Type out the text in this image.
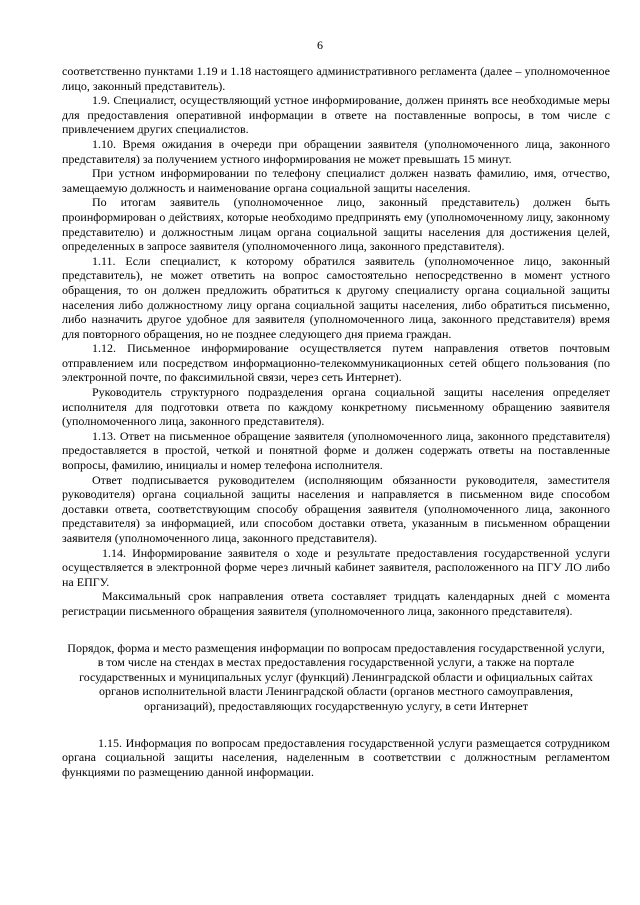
6

соответственно пунктами 1.19 и 1.18 настоящего административного регламента (далее – уполномоченное лицо, законный представитель).

1.9. Специалист, осуществляющий устное информирование, должен принять все необходимые меры для предоставления оперативной информации в ответе на поставленные вопросы, в том числе с привлечением других специалистов.

1.10. Время ожидания в очереди при обращении заявителя (уполномоченного лица, законного представителя) за получением устного информирования не может превышать 15 минут.

При устном информировании по телефону специалист должен назвать фамилию, имя, отчество, замещаемую должность и наименование органа социальной защиты населения.

По итогам заявитель (уполномоченное лицо, законный представитель) должен быть проинформирован о действиях, которые необходимо предпринять ему (уполномоченному лицу, законному представителю) и должностным лицам органа социальной защиты населения для достижения целей, определенных в запросе заявителя (уполномоченного лица, законного представителя).

1.11. Если специалист, к которому обратился заявитель (уполномоченное лицо, законный представитель), не может ответить на вопрос самостоятельно непосредственно в момент устного обращения, то он должен предложить обратиться к другому специалисту органа социальной защиты населения либо должностному лицу органа социальной защиты населения, либо обратиться письменно, либо назначить другое удобное для заявителя (уполномоченного лица, законного представителя) время для повторного обращения, но не позднее следующего дня приема граждан.

1.12. Письменное информирование осуществляется путем направления ответов почтовым отправлением или посредством информационно-телекоммуникационных сетей общего пользования (по электронной почте, по факсимильной связи, через сеть Интернет).

Руководитель структурного подразделения органа социальной защиты населения определяет исполнителя для подготовки ответа по каждому конкретному письменному обращению заявителя (уполномоченного лица, законного представителя).

1.13. Ответ на письменное обращение заявителя (уполномоченного лица, законного представителя) предоставляется в простой, четкой и понятной форме и должен содержать ответы на поставленные вопросы, фамилию, инициалы и номер телефона исполнителя.

Ответ подписывается руководителем (исполняющим обязанности руководителя, заместителя руководителя) органа социальной защиты населения и направляется в письменном виде способом доставки ответа, соответствующим способу обращения заявителя (уполномоченного лица, законного представителя) за информацией, или способом доставки ответа, указанным в письменном обращении заявителя (уполномоченного лица, законного представителя).

1.14. Информирование заявителя о ходе и результате предоставления государственной услуги осуществляется в электронной форме через личный кабинет заявителя, расположенного на ПГУ ЛО либо на ЕПГУ.

Максимальный срок направления ответа составляет тридцать календарных дней с момента регистрации письменного обращения заявителя (уполномоченного лица, законного представителя).

Порядок, форма и место размещения информации по вопросам предоставления государственной услуги, в том числе на стендах в местах предоставления государственной услуги, а также на портале государственных и муниципальных услуг (функций) Ленинградской области и официальных сайтах органов исполнительной власти Ленинградской области (органов местного самоуправления, организаций), предоставляющих государственную услугу, в сети Интернет

1.15. Информация по вопросам предоставления государственной услуги размещается сотрудником органа социальной защиты населения, наделенным в соответствии с должностным регламентом функциями по размещению данной информации.
